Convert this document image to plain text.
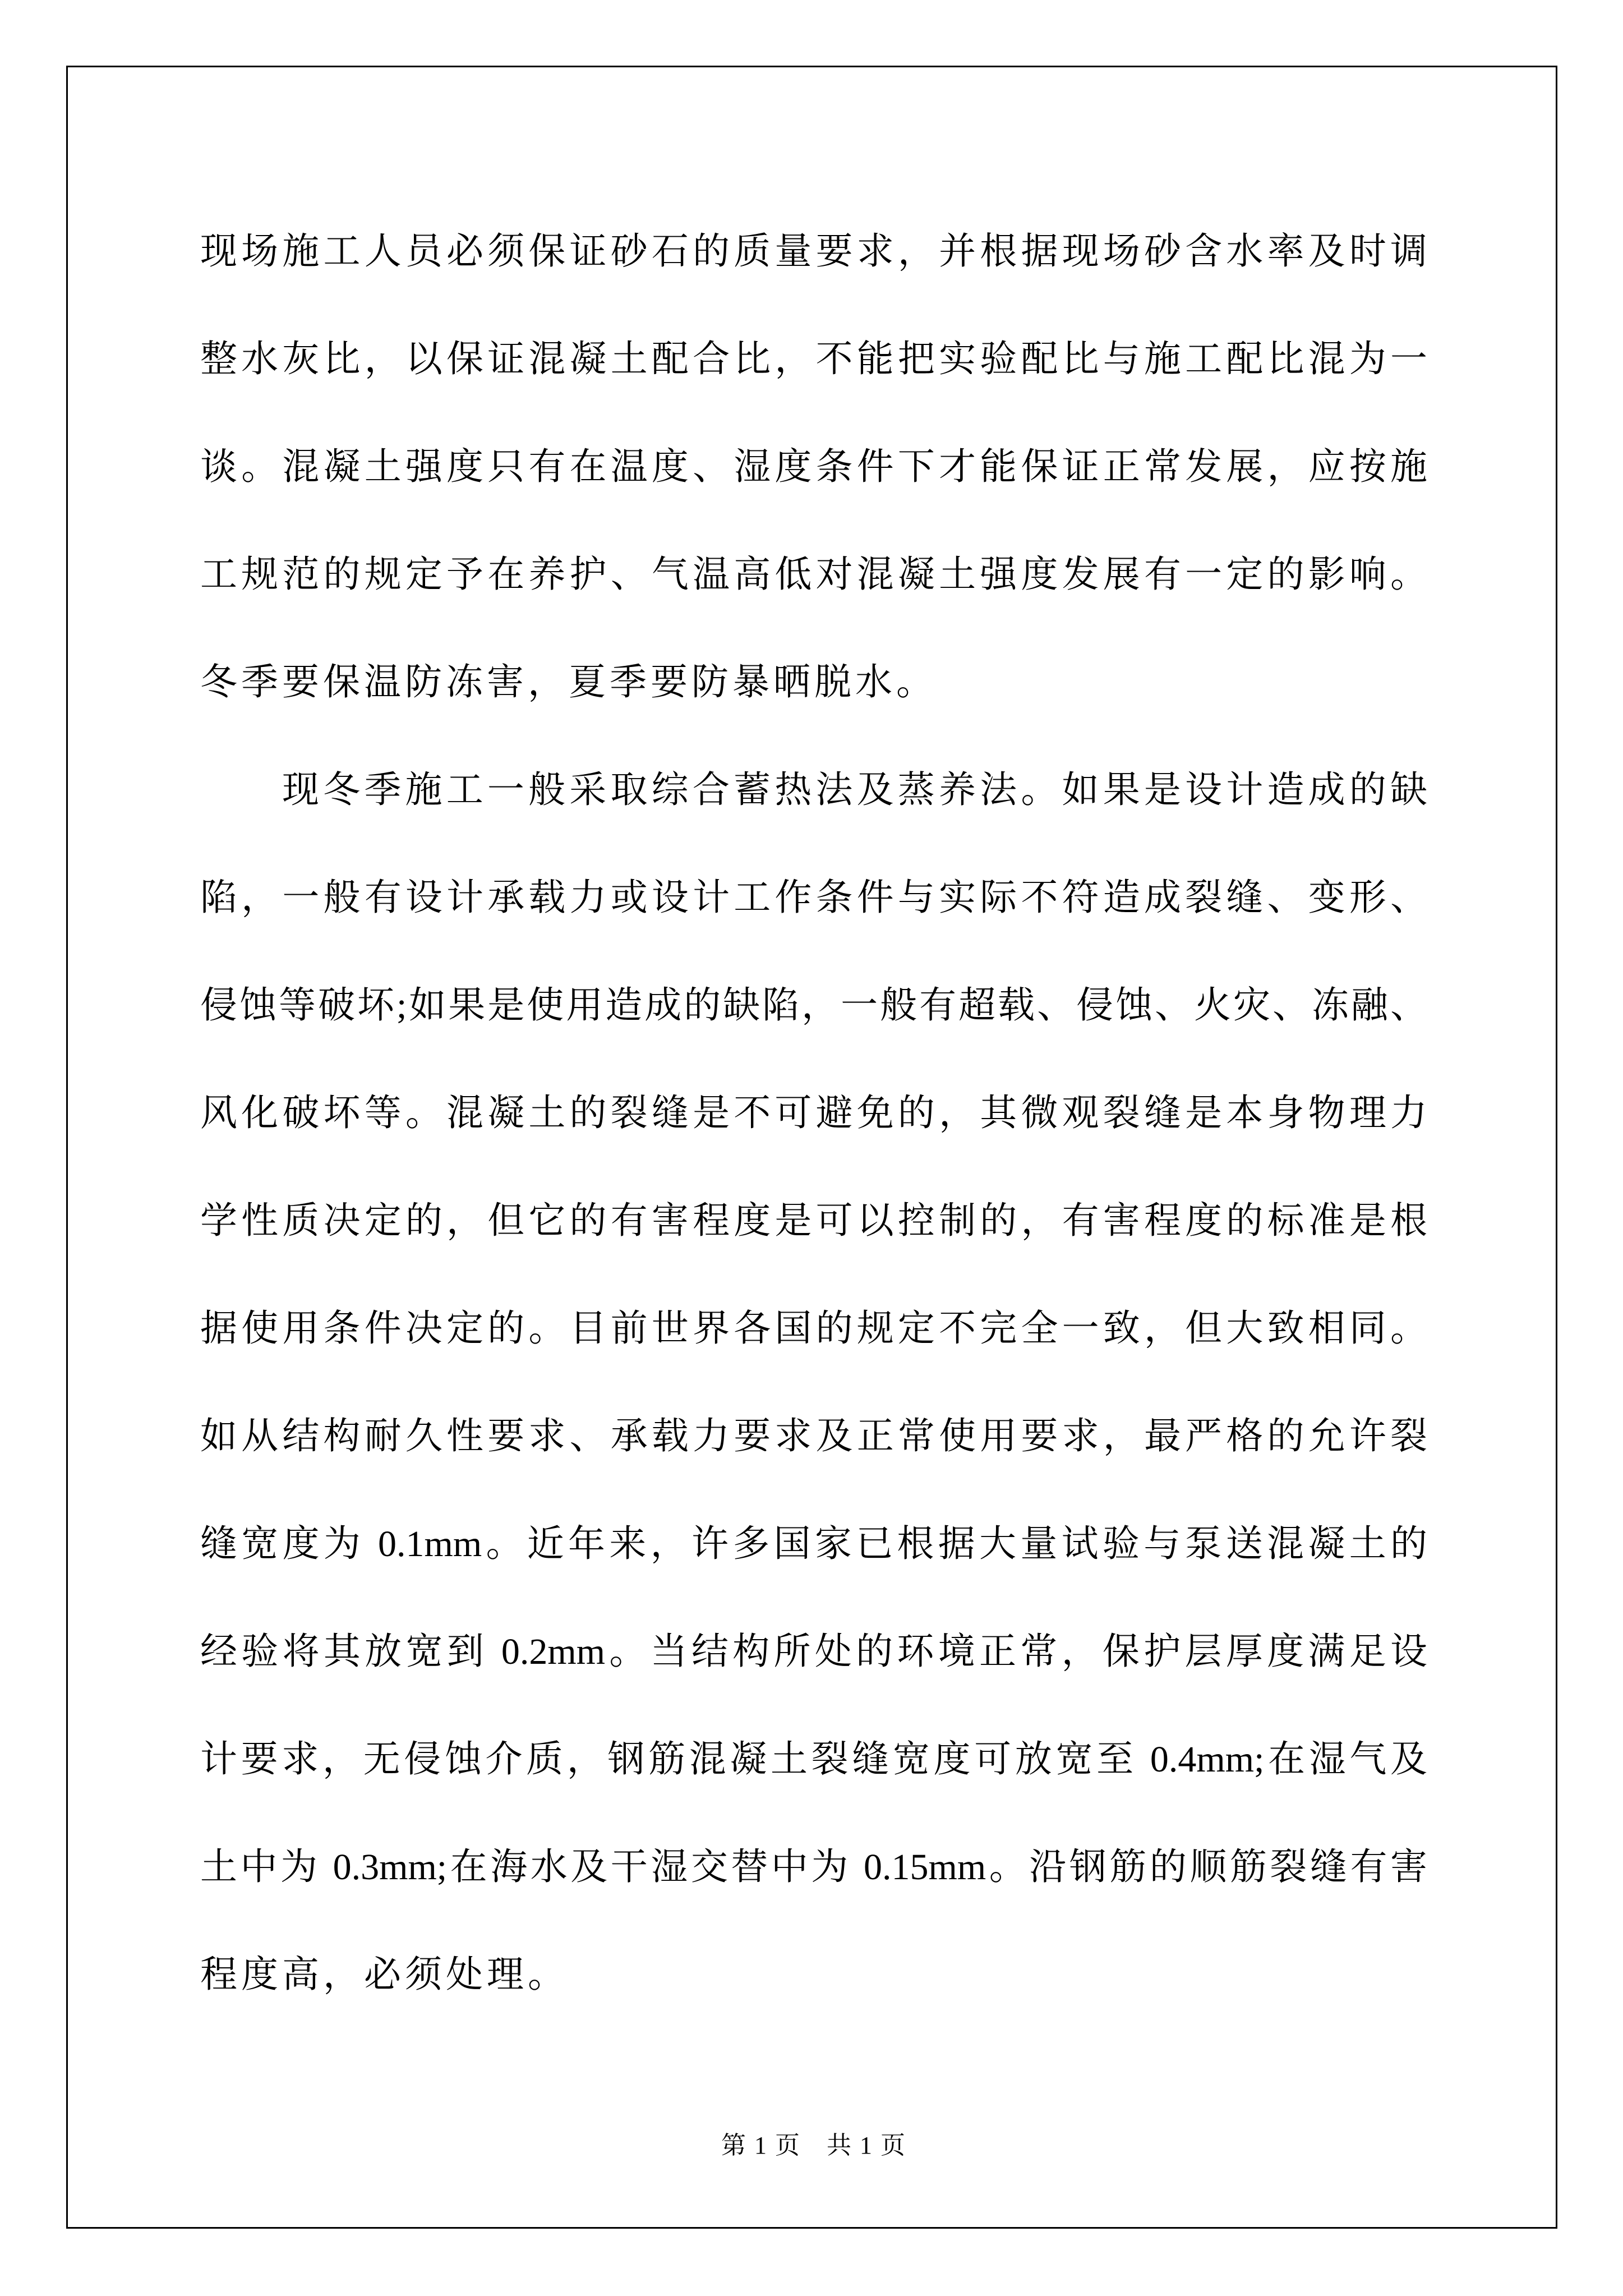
现场施工人员必须保证砂石的质量要求，并根据现场砂含水率及时调
整水灰比，以保证混凝土配合比，不能把实验配比与施工配比混为一
谈。混凝土强度只有在温度、湿度条件下才能保证正常发展，应按施
工规范的规定予在养护、气温高低对混凝土强度发展有一定的影响。
冬季要保温防冻害，夏季要防暴晒脱水。
现冬季施工一般采取综合蓄热法及蒸养法。如果是设计造成的缺
陷，一般有设计承载力或设计工作条件与实际不符造成裂缝、变形、
侵蚀等破坏;如果是使用造成的缺陷，一般有超载、侵蚀、火灾、冻融、
风化破坏等。混凝土的裂缝是不可避免的，其微观裂缝是本身物理力
学性质决定的，但它的有害程度是可以控制的，有害程度的标准是根
据使用条件决定的。目前世界各国的规定不完全一致，但大致相同。
如从结构耐久性要求、承载力要求及正常使用要求，最严格的允许裂
缝宽度为 0.1mm。近年来，许多国家已根据大量试验与泵送混凝土的
经验将其放宽到 0.2mm。当结构所处的环境正常，保护层厚度满足设
计要求，无侵蚀介质，钢筋混凝土裂缝宽度可放宽至 0.4mm;在湿气及
土中为 0.3mm;在海水及干湿交替中为 0.15mm。沿钢筋的顺筋裂缝有害
程度高，必须处理。
第 1 页　共 1 页
